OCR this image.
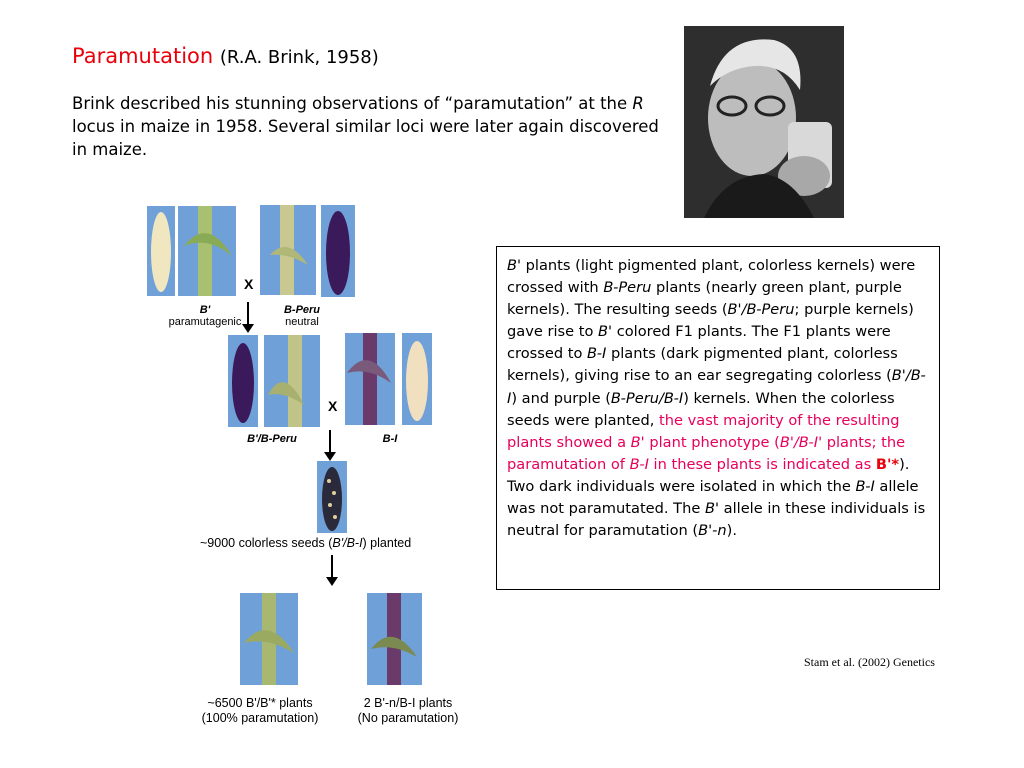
Paramutation (R.A. Brink, 1958)
Brink described his stunning observations of “paramutation” at the R locus in maize in 1958. Several similar loci were later again discovered in maize.
X
B'
paramutagenic
B-Peru
neutral
X
B'/B-Peru	B-I
~9000 colorless seeds (B'/B-I) planted
~6500 B'/B'* plants
(100% paramutation)
2 B'-n/B-I plants
(No paramutation)
B' plants (light pigmented plant, colorless kernels) were crossed with B-Peru plants (nearly green plant, purple kernels). The resulting seeds (B'/B-Peru; purple kernels) gave rise to B' colored F1 plants. The F1 plants were crossed to B-I plants (dark pigmented plant, colorless kernels), giving rise to an ear segregating colorless (B'/B-I) and purple (B-Peru/B-I) kernels. When the colorless seeds were planted, the vast majority of the resulting plants showed a B' plant phenotype (B'/B-I' plants; the paramutation of B-I in these plants is indicated as B'*). Two dark individuals were isolated in which the B-I allele was not paramutated. The B' allele in these individuals is neutral for paramutation (B'-n).
Stam et al. (2002) Genetics
